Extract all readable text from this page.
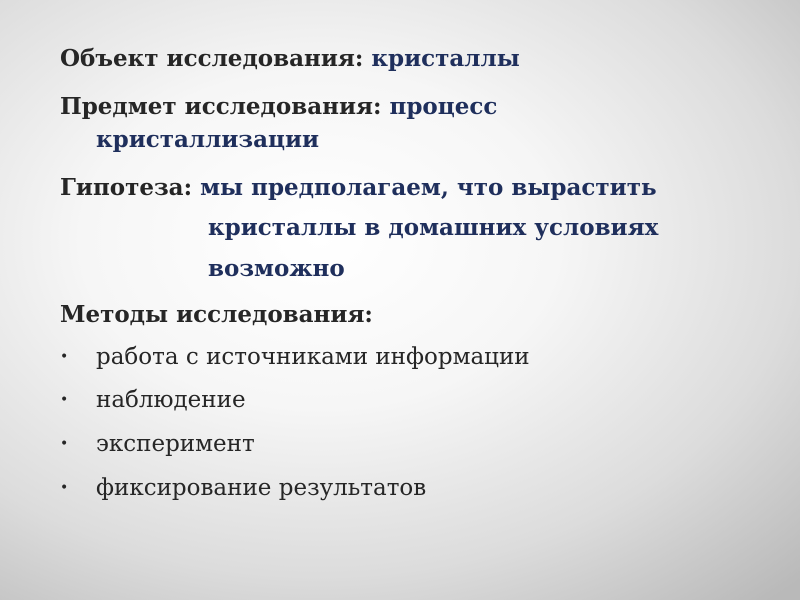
Объект исследования: кристаллы
Предмет исследования: процесс
кристаллизации
Гипотеза: мы предполагаем, что вырастить
кристаллы в домашних условиях
возможно
Методы исследования:
• работа с источниками информации
• наблюдение
• эксперимент
• фиксирование результатов
